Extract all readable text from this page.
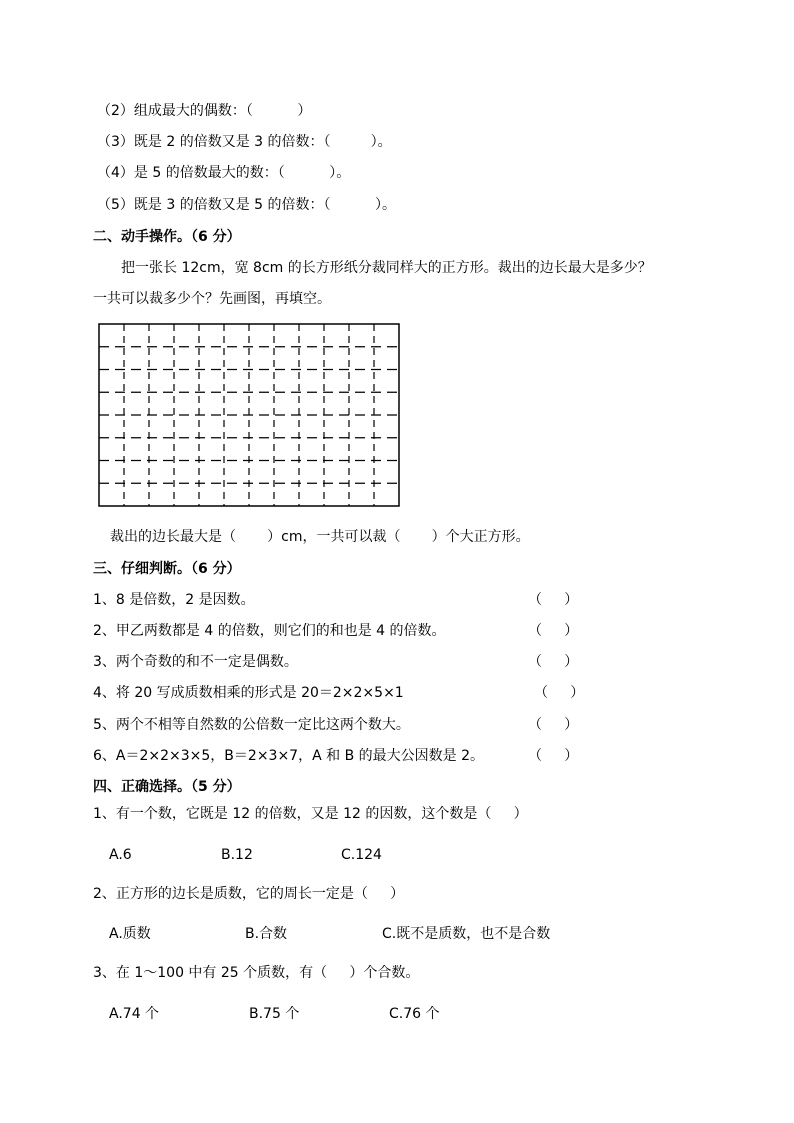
（2）组成最大的偶数：（          ）
（3）既是 2 的倍数又是 3 的倍数：（         ）。
（4）是 5 的倍数最大的数：（          ）。
（5）既是 3 的倍数又是 5 的倍数：（          ）。
二、动手操作。（6 分）
把一张长 12cm，宽 8cm 的长方形纸分裁同样大的正方形。裁出的边长最大是多少？
一共可以裁多少个？先画图，再填空。
裁出的边长最大是（       ）cm，一共可以裁（       ）个大正方形。
三、仔细判断。（6 分）
1、8 是倍数，2 是因数。	（     ）
2、甲乙两数都是 4 的倍数，则它们的和也是 4 的倍数。	（     ）
3、两个奇数的和不一定是偶数。	（     ）
4、将 20 写成质数相乘的形式是 20＝2×2×5×1	（     ）
5、两个不相等自然数的公倍数一定比这两个数大。	（     ）
6、A＝2×2×3×5，B＝2×3×7，A 和 B 的最大公因数是 2。	（     ）
四、正确选择。（5 分）
1、有一个数，它既是 12 的倍数，又是 12 的因数，这个数是（     ）
A.6	B.12	C.124
2、正方形的边长是质数，它的周长一定是（     ）
A.质数	B.合数	C.既不是质数，也不是合数
3、在 1～100 中有 25 个质数，有（     ）个合数。
A.74 个	B.75 个	C.76 个
